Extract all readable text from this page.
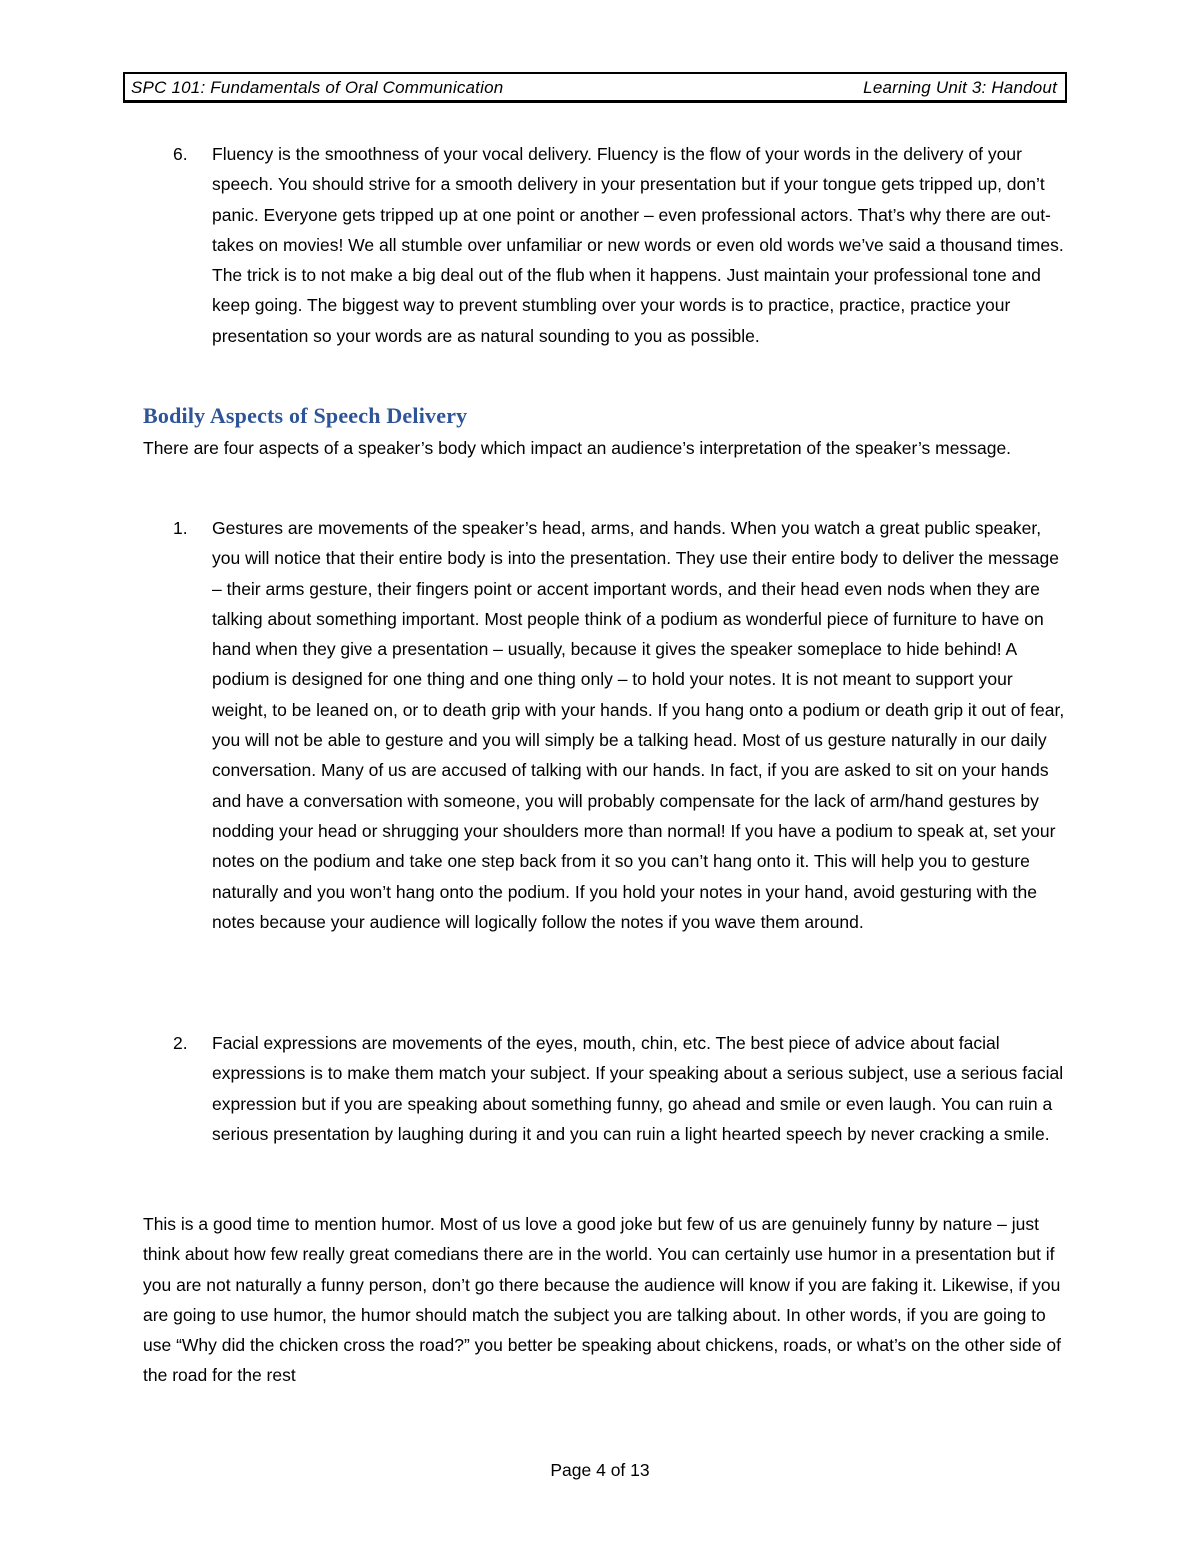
SPC 101: Fundamentals of Oral Communication	Learning Unit 3: Handout
6. Fluency is the smoothness of your vocal delivery. Fluency is the flow of your words in the delivery of your speech. You should strive for a smooth delivery in your presentation but if your tongue gets tripped up, don’t panic. Everyone gets tripped up at one point or another – even professional actors. That’s why there are out-takes on movies! We all stumble over unfamiliar or new words or even old words we’ve said a thousand times. The trick is to not make a big deal out of the flub when it happens. Just maintain your professional tone and keep going. The biggest way to prevent stumbling over your words is to practice, practice, practice your presentation so your words are as natural sounding to you as possible.

Bodily Aspects of Speech Delivery

There are four aspects of a speaker’s body which impact an audience’s interpretation of the speaker’s message.

1. Gestures are movements of the speaker’s head, arms, and hands. When you watch a great public speaker, you will notice that their entire body is into the presentation. They use their entire body to deliver the message – their arms gesture, their fingers point or accent important words, and their head even nods when they are talking about something important. Most people think of a podium as wonderful piece of furniture to have on hand when they give a presentation – usually, because it gives the speaker someplace to hide behind! A podium is designed for one thing and one thing only – to hold your notes. It is not meant to support your weight, to be leaned on, or to death grip with your hands. If you hang onto a podium or death grip it out of fear, you will not be able to gesture and you will simply be a talking head. Most of us gesture naturally in our daily conversation. Many of us are accused of talking with our hands. In fact, if you are asked to sit on your hands and have a conversation with someone, you will probably compensate for the lack of arm/hand gestures by nodding your head or shrugging your shoulders more than normal! If you have a podium to speak at, set your notes on the podium and take one step back from it so you can’t hang onto it. This will help you to gesture naturally and you won’t hang onto the podium. If you hold your notes in your hand, avoid gesturing with the notes because your audience will logically follow the notes if you wave them around.

2. Facial expressions are movements of the eyes, mouth, chin, etc. The best piece of advice about facial expressions is to make them match your subject. If your speaking about a serious subject, use a serious facial expression but if you are speaking about something funny, go ahead and smile or even laugh. You can ruin a serious presentation by laughing during it and you can ruin a light hearted speech by never cracking a smile.

This is a good time to mention humor. Most of us love a good joke but few of us are genuinely funny by nature – just think about how few really great comedians there are in the world. You can certainly use humor in a presentation but if you are not naturally a funny person, don’t go there because the audience will know if you are faking it. Likewise, if you are going to use humor, the humor should match the subject you are talking about. In other words, if you are going to use “Why did the chicken cross the road?” you better be speaking about chickens, roads, or what’s on the other side of the road for the rest

Page 4 of 13
